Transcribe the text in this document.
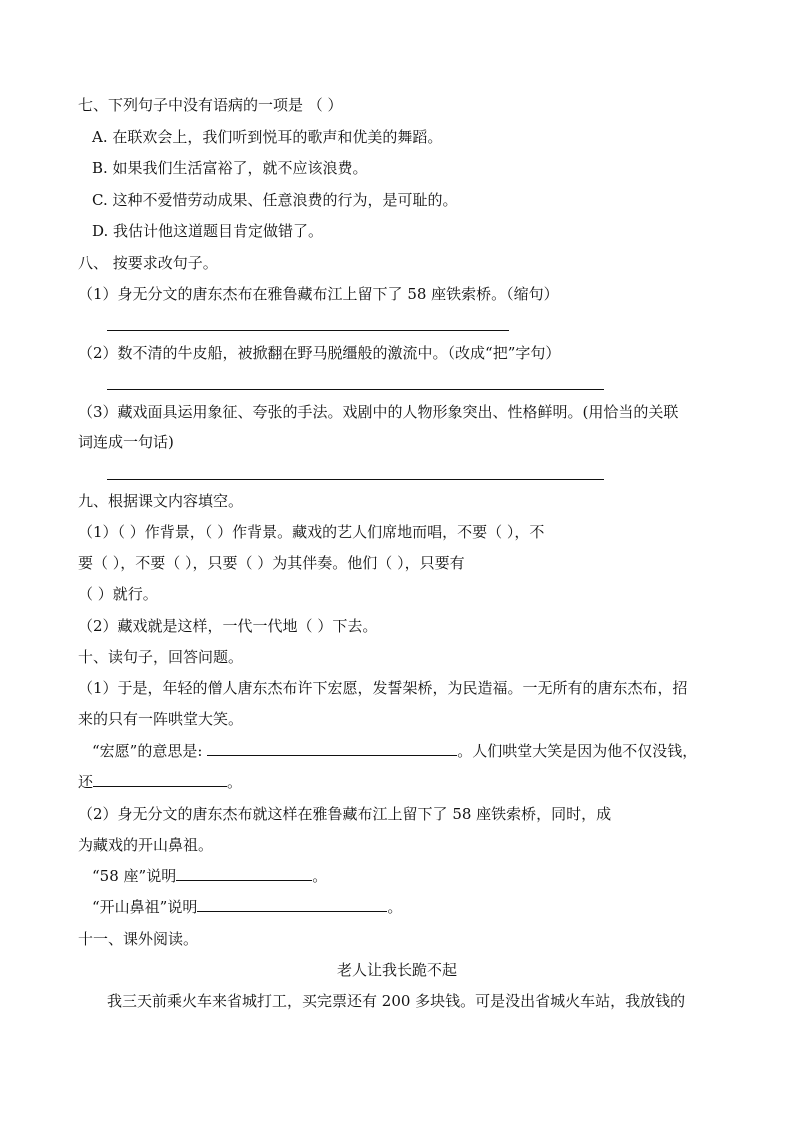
七、下列句子中没有语病的一项是 （ ）
A. 在联欢会上，我们听到悦耳的歌声和优美的舞蹈。
B. 如果我们生活富裕了，就不应该浪费。
C. 这种不爱惜劳动成果、任意浪费的行为，是可耻的。
D. 我估计他这道题目肯定做错了。
八、 按要求改句子。
（1）身无分文的唐东杰布在雅鲁藏布江上留下了 58 座铁索桥。（缩句）
（2）数不清的牛皮船，被掀翻在野马脱缰般的激流中。（改成“把”字句）
（3）藏戏面具运用象征、夸张的手法。戏剧中的人物形象突出、性格鲜明。(用恰当的关联
词连成一句话)
九、根据课文内容填空。
（1）（ ）作背景，（ ）作背景。藏戏的艺人们席地而唱，不要（ ），不
要（ ），不要（ ），只要（ ）为其伴奏。他们（ ），只要有
（ ）就行。
（2）藏戏就是这样，一代一代地（ ）下去。
十、读句子，回答问题。
（1）于是，年轻的僧人唐东杰布许下宏愿，发誓架桥，为民造福。一无所有的唐东杰布，招
来的只有一阵哄堂大笑。
“宏愿”的意思是:	。人们哄堂大笑是因为他不仅没钱，
还	。
（2）身无分文的唐东杰布就这样在雅鲁藏布江上留下了 58 座铁索桥，同时，成
为藏戏的开山鼻祖。
“58 座”说明	。
“开山鼻祖”说明	。
十一、课外阅读。
老人让我长跪不起
我三天前乘火车来省城打工，买完票还有 200 多块钱。可是没出省城火车站，我放钱的
